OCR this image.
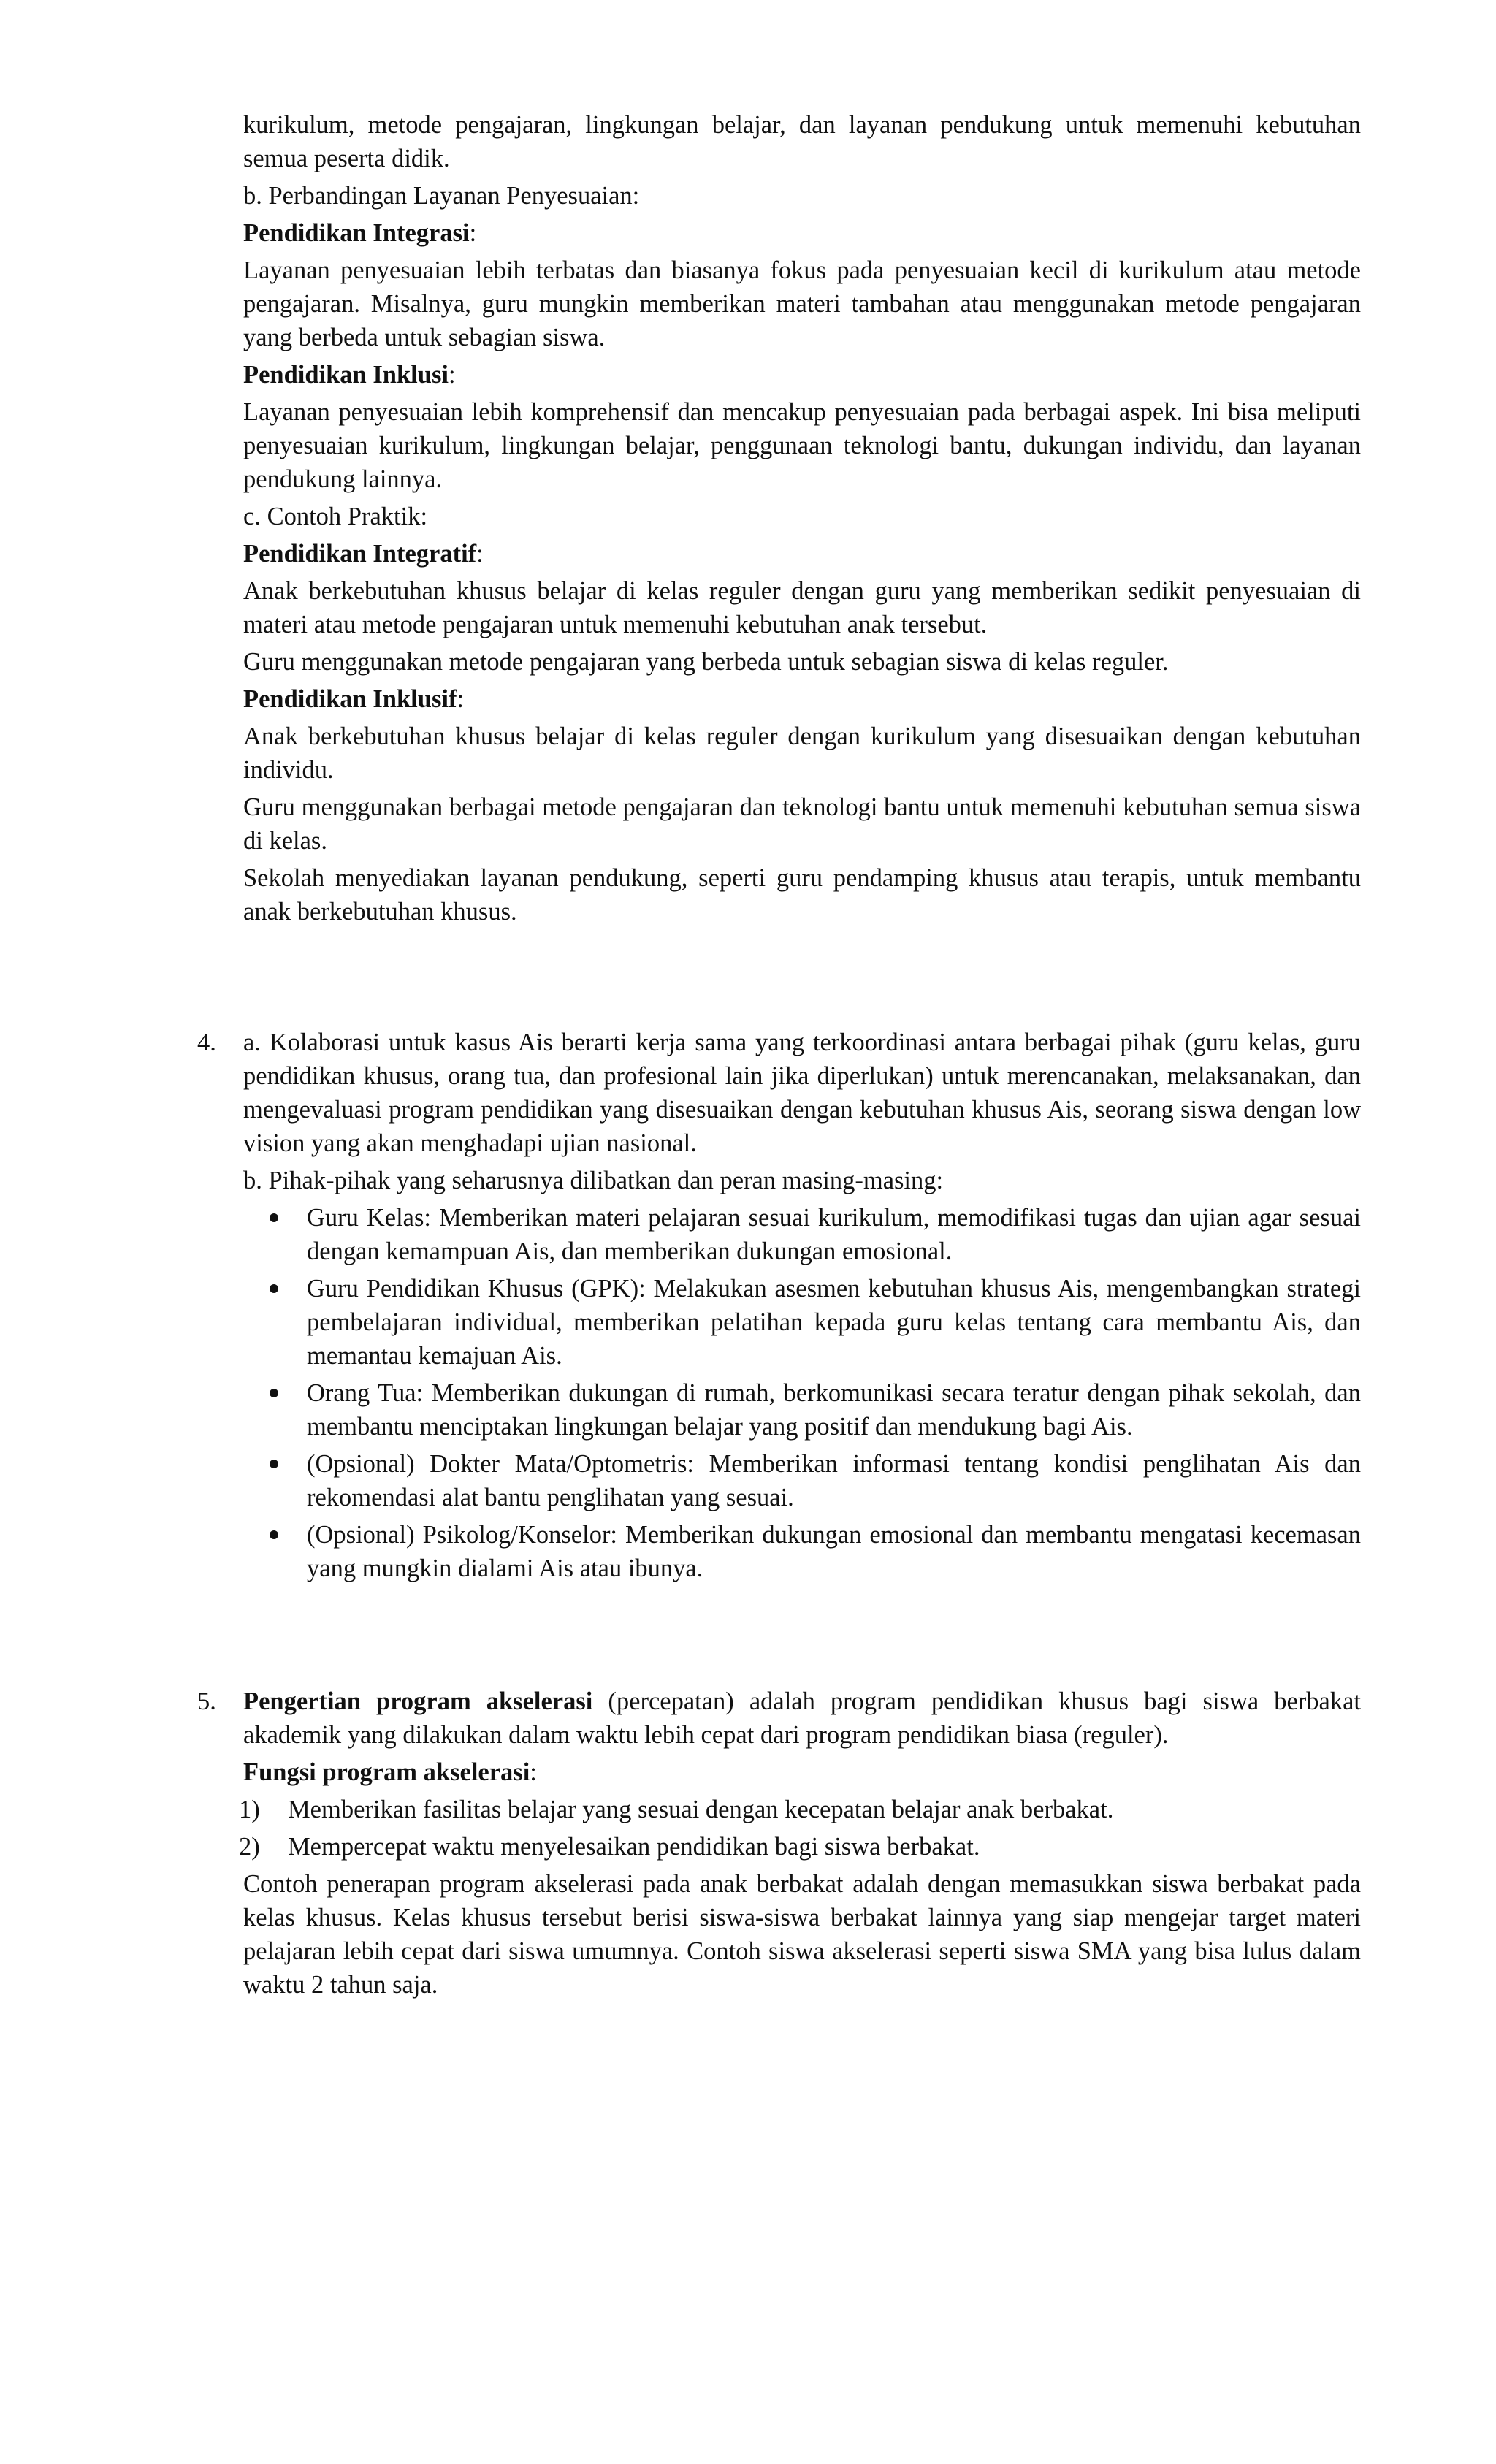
kurikulum, metode pengajaran, lingkungan belajar, dan layanan pendukung untuk memenuhi kebutuhan semua peserta didik.

b. Perbandingan Layanan Penyesuaian:

Pendidikan Integrasi:

Layanan penyesuaian lebih terbatas dan biasanya fokus pada penyesuaian kecil di kurikulum atau metode pengajaran. Misalnya, guru mungkin memberikan materi tambahan atau menggunakan metode pengajaran yang berbeda untuk sebagian siswa.

Pendidikan Inklusi:

Layanan penyesuaian lebih komprehensif dan mencakup penyesuaian pada berbagai aspek. Ini bisa meliputi penyesuaian kurikulum, lingkungan belajar, penggunaan teknologi bantu, dukungan individu, dan layanan pendukung lainnya.

c. Contoh Praktik:

Pendidikan Integratif:

Anak berkebutuhan khusus belajar di kelas reguler dengan guru yang memberikan sedikit penyesuaian di materi atau metode pengajaran untuk memenuhi kebutuhan anak tersebut.

Guru menggunakan metode pengajaran yang berbeda untuk sebagian siswa di kelas reguler.

Pendidikan Inklusif:

Anak berkebutuhan khusus belajar di kelas reguler dengan kurikulum yang disesuaikan dengan kebutuhan individu.

Guru menggunakan berbagai metode pengajaran dan teknologi bantu untuk memenuhi kebutuhan semua siswa di kelas.

Sekolah menyediakan layanan pendukung, seperti guru pendamping khusus atau terapis, untuk membantu anak berkebutuhan khusus.

4. a. Kolaborasi untuk kasus Ais berarti kerja sama yang terkoordinasi antara berbagai pihak (guru kelas, guru pendidikan khusus, orang tua, dan profesional lain jika diperlukan) untuk merencanakan, melaksanakan, dan mengevaluasi program pendidikan yang disesuaikan dengan kebutuhan khusus Ais, seorang siswa dengan low vision yang akan menghadapi ujian nasional.

b. Pihak-pihak yang seharusnya dilibatkan dan peran masing-masing:

Guru Kelas: Memberikan materi pelajaran sesuai kurikulum, memodifikasi tugas dan ujian agar sesuai dengan kemampuan Ais, dan memberikan dukungan emosional.
Guru Pendidikan Khusus (GPK): Melakukan asesmen kebutuhan khusus Ais, mengembangkan strategi pembelajaran individual, memberikan pelatihan kepada guru kelas tentang cara membantu Ais, dan memantau kemajuan Ais.
Orang Tua: Memberikan dukungan di rumah, berkomunikasi secara teratur dengan pihak sekolah, dan membantu menciptakan lingkungan belajar yang positif dan mendukung bagi Ais.
(Opsional) Dokter Mata/Optometris: Memberikan informasi tentang kondisi penglihatan Ais dan rekomendasi alat bantu penglihatan yang sesuai.
(Opsional) Psikolog/Konselor: Memberikan dukungan emosional dan membantu mengatasi kecemasan yang mungkin dialami Ais atau ibunya.
5. Pengertian program akselerasi (percepatan) adalah program pendidikan khusus bagi siswa berbakat akademik yang dilakukan dalam waktu lebih cepat dari program pendidikan biasa (reguler).

Fungsi program akselerasi:

1) Memberikan fasilitas belajar yang sesuai dengan kecepatan belajar anak berbakat.
2) Mempercepat waktu menyelesaikan pendidikan bagi siswa berbakat.

Contoh penerapan program akselerasi pada anak berbakat adalah dengan memasukkan siswa berbakat pada kelas khusus. Kelas khusus tersebut berisi siswa-siswa berbakat lainnya yang siap mengejar target materi pelajaran lebih cepat dari siswa umumnya. Contoh siswa akselerasi seperti siswa SMA yang bisa lulus dalam waktu 2 tahun saja.
